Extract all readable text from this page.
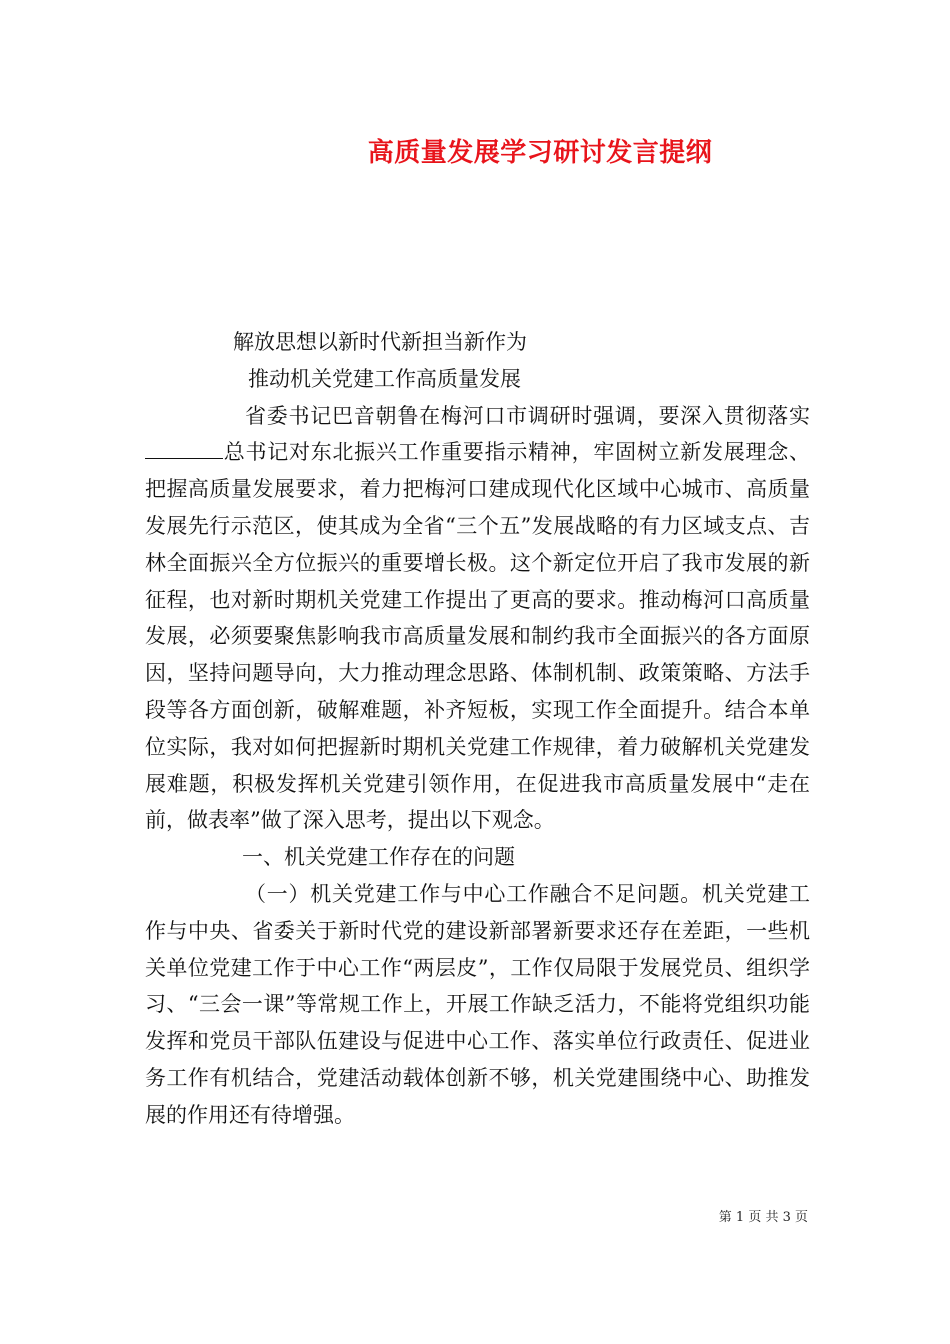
高质量发展学习研讨发言提纲

解放思想以新时代新担当新作为

推动机关党建工作高质量发展

省委书记巴音朝鲁在梅河口市调研时强调，要深入贯彻落实总书记对东北振兴工作重要指示精神，牢固树立新发展理念、把握高质量发展要求，着力把梅河口建成现代化区域中心城市、高质量发展先行示范区，使其成为全省“三个五”发展战略的有力区域支点、吉林全面振兴全方位振兴的重要增长极。这个新定位开启了我市发展的新征程，也对新时期机关党建工作提出了更高的要求。推动梅河口高质量发展，必须要聚焦影响我市高质量发展和制约我市全面振兴的各方面原因，坚持问题导向，大力推动理念思路、体制机制、政策策略、方法手段等各方面创新，破解难题，补齐短板，实现工作全面提升。结合本单位实际，我对如何把握新时期机关党建工作规律，着力破解机关党建发展难题，积极发挥机关党建引领作用，在促进我市高质量发展中“走在前，做表率”做了深入思考，提出以下观念。

一、机关党建工作存在的问题

（一）机关党建工作与中心工作融合不足问题。机关党建工作与中央、省委关于新时代党的建设新部署新要求还存在差距，一些机关单位党建工作于中心工作“两层皮”，工作仅局限于发展党员、组织学习、“三会一课”等常规工作上，开展工作缺乏活力，不能将党组织功能发挥和党员干部队伍建设与促进中心工作、落实单位行政责任、促进业务工作有机结合，党建活动载体创新不够，机关党建围绕中心、助推发展的作用还有待增强。

第 1 页 共 3 页
